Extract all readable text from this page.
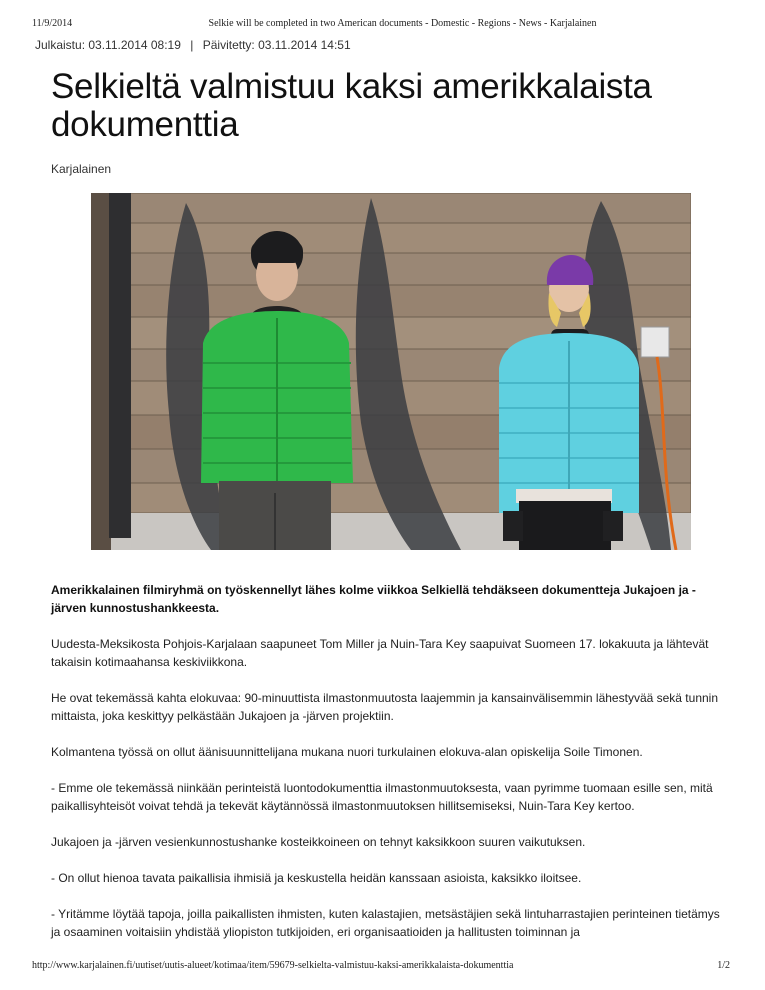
11/9/2014	Selkie will be completed in two American documents - Domestic - Regions - News - Karjalainen
Julkaistu: 03.11.2014 08:19 | Päivitetty: 03.11.2014 14:51
Selkieltä valmistuu kaksi amerikkalaista dokumenttia
Karjalainen

Amerikkalainen filmiryhmä on työskennellyt lähes kolme viikkoa Selkiellä tehdäkseen dokumentteja Jukajoen ja -järven kunnostushankkeesta.

Uudesta-Meksikosta Pohjois-Karjalaan saapuneet Tom Miller ja Nuin-Tara Key saapuivat Suomeen 17. lokakuuta ja lähtevät takaisin kotimaahansa keskiviikkona.

He ovat tekemässä kahta elokuvaa: 90-minuuttista ilmastonmuutosta laajemmin ja kansainvälisemmin lähestyvää sekä tunnin mittaista, joka keskittyy pelkästään Jukajoen ja -järven projektiin.

Kolmantena työssä on ollut äänisuunnittelijana mukana nuori turkulainen elokuva-alan opiskelija Soile Timonen.

- Emme ole tekemässä niinkään perinteistä luontodokumenttia ilmastonmuutoksesta, vaan pyrimme tuomaan esille sen, mitä paikallisyhteisöt voivat tehdä ja tekevät käytännössä ilmastonmuutoksen hillitsemiseksi, Nuin-Tara Key kertoo.

Jukajoen ja -järven vesienkunnostushanke kosteikkoineen on tehnyt kaksikkoon suuren vaikutuksen.

- On ollut hienoa tavata paikallisia ihmisiä ja keskustella heidän kanssaan asioista, kaksikko iloitsee.

- Yritämme löytää tapoja, joilla paikallisten ihmisten, kuten kalastajien, metsästäjien sekä lintuharrastajien perinteinen tietämys ja osaaminen voitaisiin yhdistää yliopiston tutkijoiden, eri organisaatioiden ja hallitusten toiminnan ja

http://www.karjalainen.fi/uutiset/uutis-alueet/kotimaa/item/59679-selkielta-valmistuu-kaksi-amerikkalaista-dokumenttia	1/2
